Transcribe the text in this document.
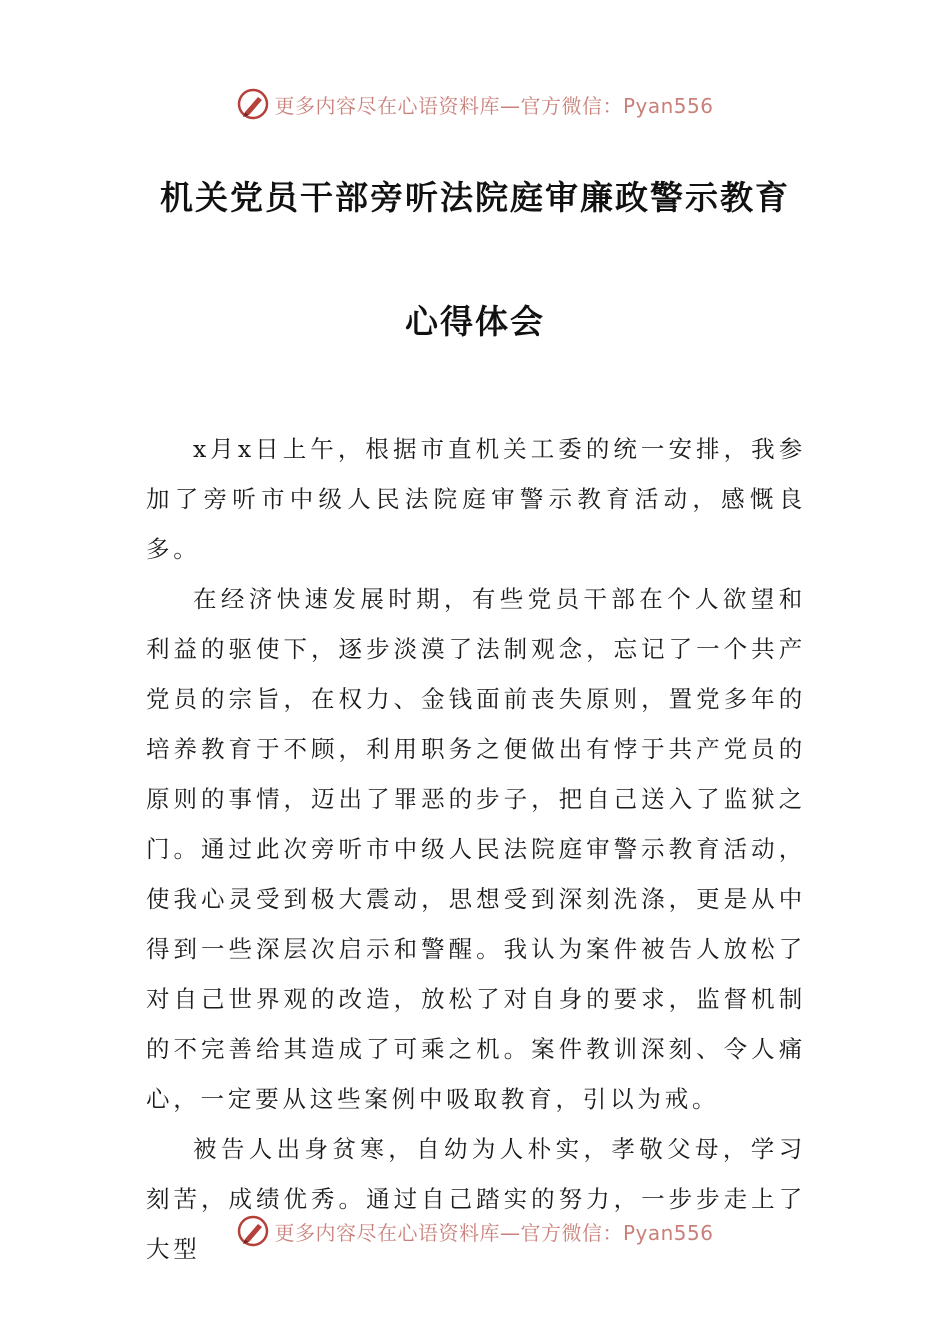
更多内容尽在心语资料库—官方微信：Pyan556
机关党员干部旁听法院庭审廉政警示教育
心得体会

x月x日上午，根据市直机关工委的统一安排，我参加了旁听市中级人民法院庭审警示教育活动，感慨良多。

在经济快速发展时期，有些党员干部在个人欲望和利益的驱使下，逐步淡漠了法制观念，忘记了一个共产党员的宗旨，在权力、金钱面前丧失原则，置党多年的培养教育于不顾，利用职务之便做出有悖于共产党员的原则的事情，迈出了罪恶的步子，把自己送入了监狱之门。通过此次旁听市中级人民法院庭审警示教育活动，使我心灵受到极大震动，思想受到深刻洗涤，更是从中得到一些深层次启示和警醒。我认为案件被告人放松了对自己世界观的改造，放松了对自身的要求，监督机制的不完善给其造成了可乘之机。案件教训深刻、令人痛心，一定要从这些案例中吸取教育，引以为戒。

被告人出身贫寒，自幼为人朴实，孝敬父母，学习刻苦，成绩优秀。通过自己踏实的努力，一步步走上了大型

更多内容尽在心语资料库—官方微信：Pyan556
